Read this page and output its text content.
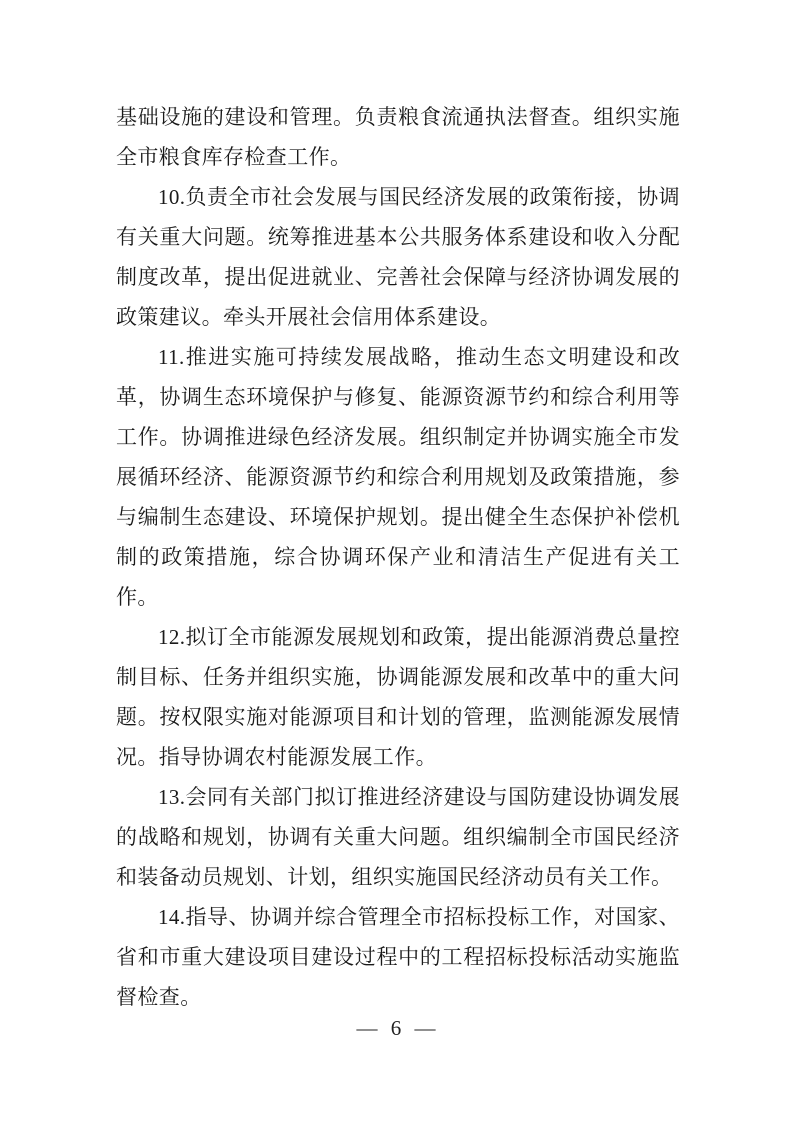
基础设施的建设和管理。负责粮食流通执法督查。组织实施全市粮食库存检查工作。

10.负责全市社会发展与国民经济发展的政策衔接，协调有关重大问题。统筹推进基本公共服务体系建设和收入分配制度改革，提出促进就业、完善社会保障与经济协调发展的政策建议。牵头开展社会信用体系建设。

11.推进实施可持续发展战略，推动生态文明建设和改革，协调生态环境保护与修复、能源资源节约和综合利用等工作。协调推进绿色经济发展。组织制定并协调实施全市发展循环经济、能源资源节约和综合利用规划及政策措施，参与编制生态建设、环境保护规划。提出健全生态保护补偿机制的政策措施，综合协调环保产业和清洁生产促进有关工作。

12.拟订全市能源发展规划和政策，提出能源消费总量控制目标、任务并组织实施，协调能源发展和改革中的重大问题。按权限实施对能源项目和计划的管理，监测能源发展情况。指导协调农村能源发展工作。

13.会同有关部门拟订推进经济建设与国防建设协调发展的战略和规划，协调有关重大问题。组织编制全市国民经济和装备动员规划、计划，组织实施国民经济动员有关工作。

14.指导、协调并综合管理全市招标投标工作，对国家、省和市重大建设项目建设过程中的工程招标投标活动实施监督检查。

— 6 —
